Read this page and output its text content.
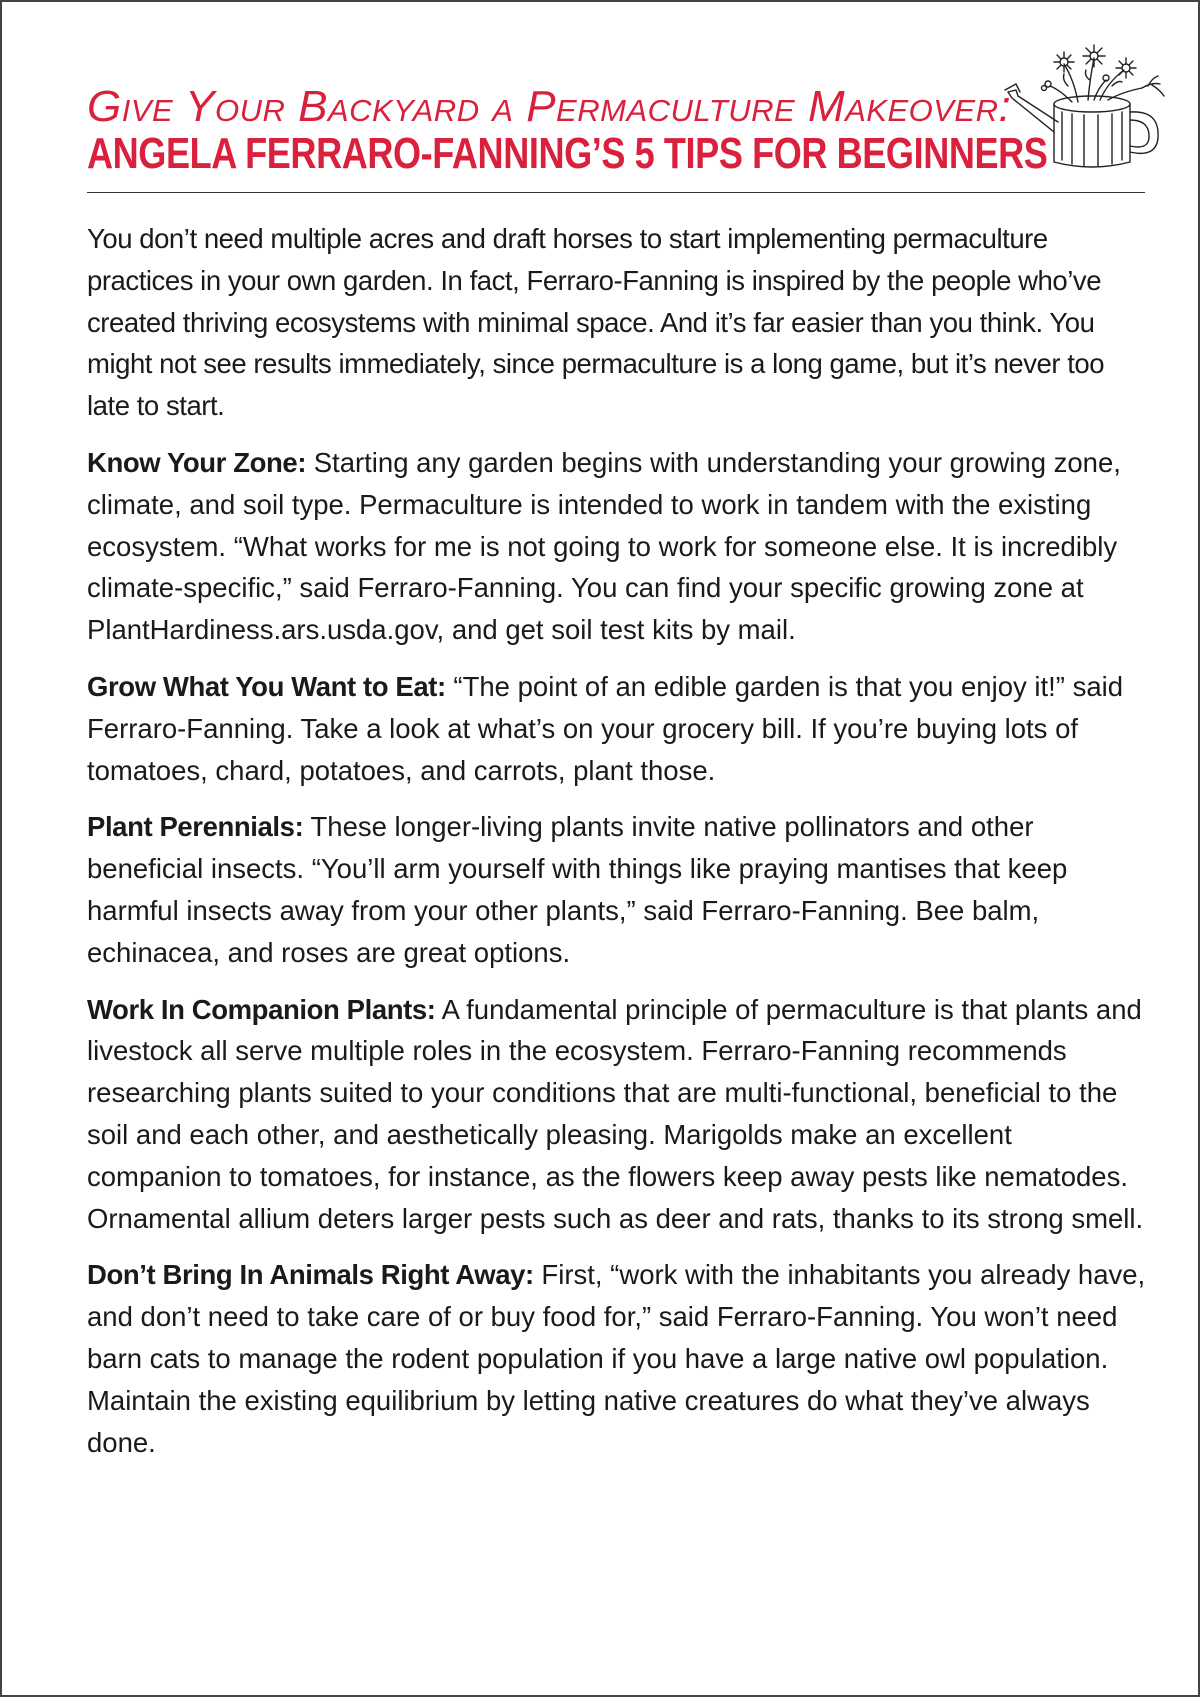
Give Your Backyard a Permaculture Makeover:
ANGELA FERRARO-FANNING’S 5 TIPS FOR BEGINNERS

You don’t need multiple acres and draft horses to start implementing permaculture practices in your own garden. In fact, Ferraro-Fanning is inspired by the people who’ve created thriving ecosystems with minimal space. And it’s far easier than you think. You might not see results immediately, since permaculture is a long game, but it’s never too late to start.

Know Your Zone: Starting any garden begins with understanding your growing zone, climate, and soil type. Permaculture is intended to work in tandem with the existing ecosystem. “What works for me is not going to work for someone else. It is incredibly climate-specific,” said Ferraro-Fanning. You can find your specific growing zone at PlantHardiness.ars.usda.gov, and get soil test kits by mail.

Grow What You Want to Eat: “The point of an edible garden is that you enjoy it!” said Ferraro-Fanning. Take a look at what’s on your grocery bill. If you’re buying lots of tomatoes, chard, potatoes, and carrots, plant those.

Plant Perennials: These longer-living plants invite native pollinators and other beneficial insects. “You’ll arm yourself with things like praying mantises that keep harmful insects away from your other plants,” said Ferraro-Fanning. Bee balm, echinacea, and roses are great options.

Work In Companion Plants: A fundamental principle of permaculture is that plants and livestock all serve multiple roles in the ecosystem. Ferraro-Fanning recommends researching plants suited to your conditions that are multi-functional, beneficial to the soil and each other, and aesthetically pleasing. Marigolds make an excellent companion to tomatoes, for instance, as the flowers keep away pests like nematodes. Ornamental allium deters larger pests such as deer and rats, thanks to its strong smell.

Don’t Bring In Animals Right Away: First, “work with the inhabitants you already have, and don’t need to take care of or buy food for,” said Ferraro-Fanning. You won’t need barn cats to manage the rodent population if you have a large native owl population. Maintain the existing equilibrium by letting native creatures do what they’ve always done.
